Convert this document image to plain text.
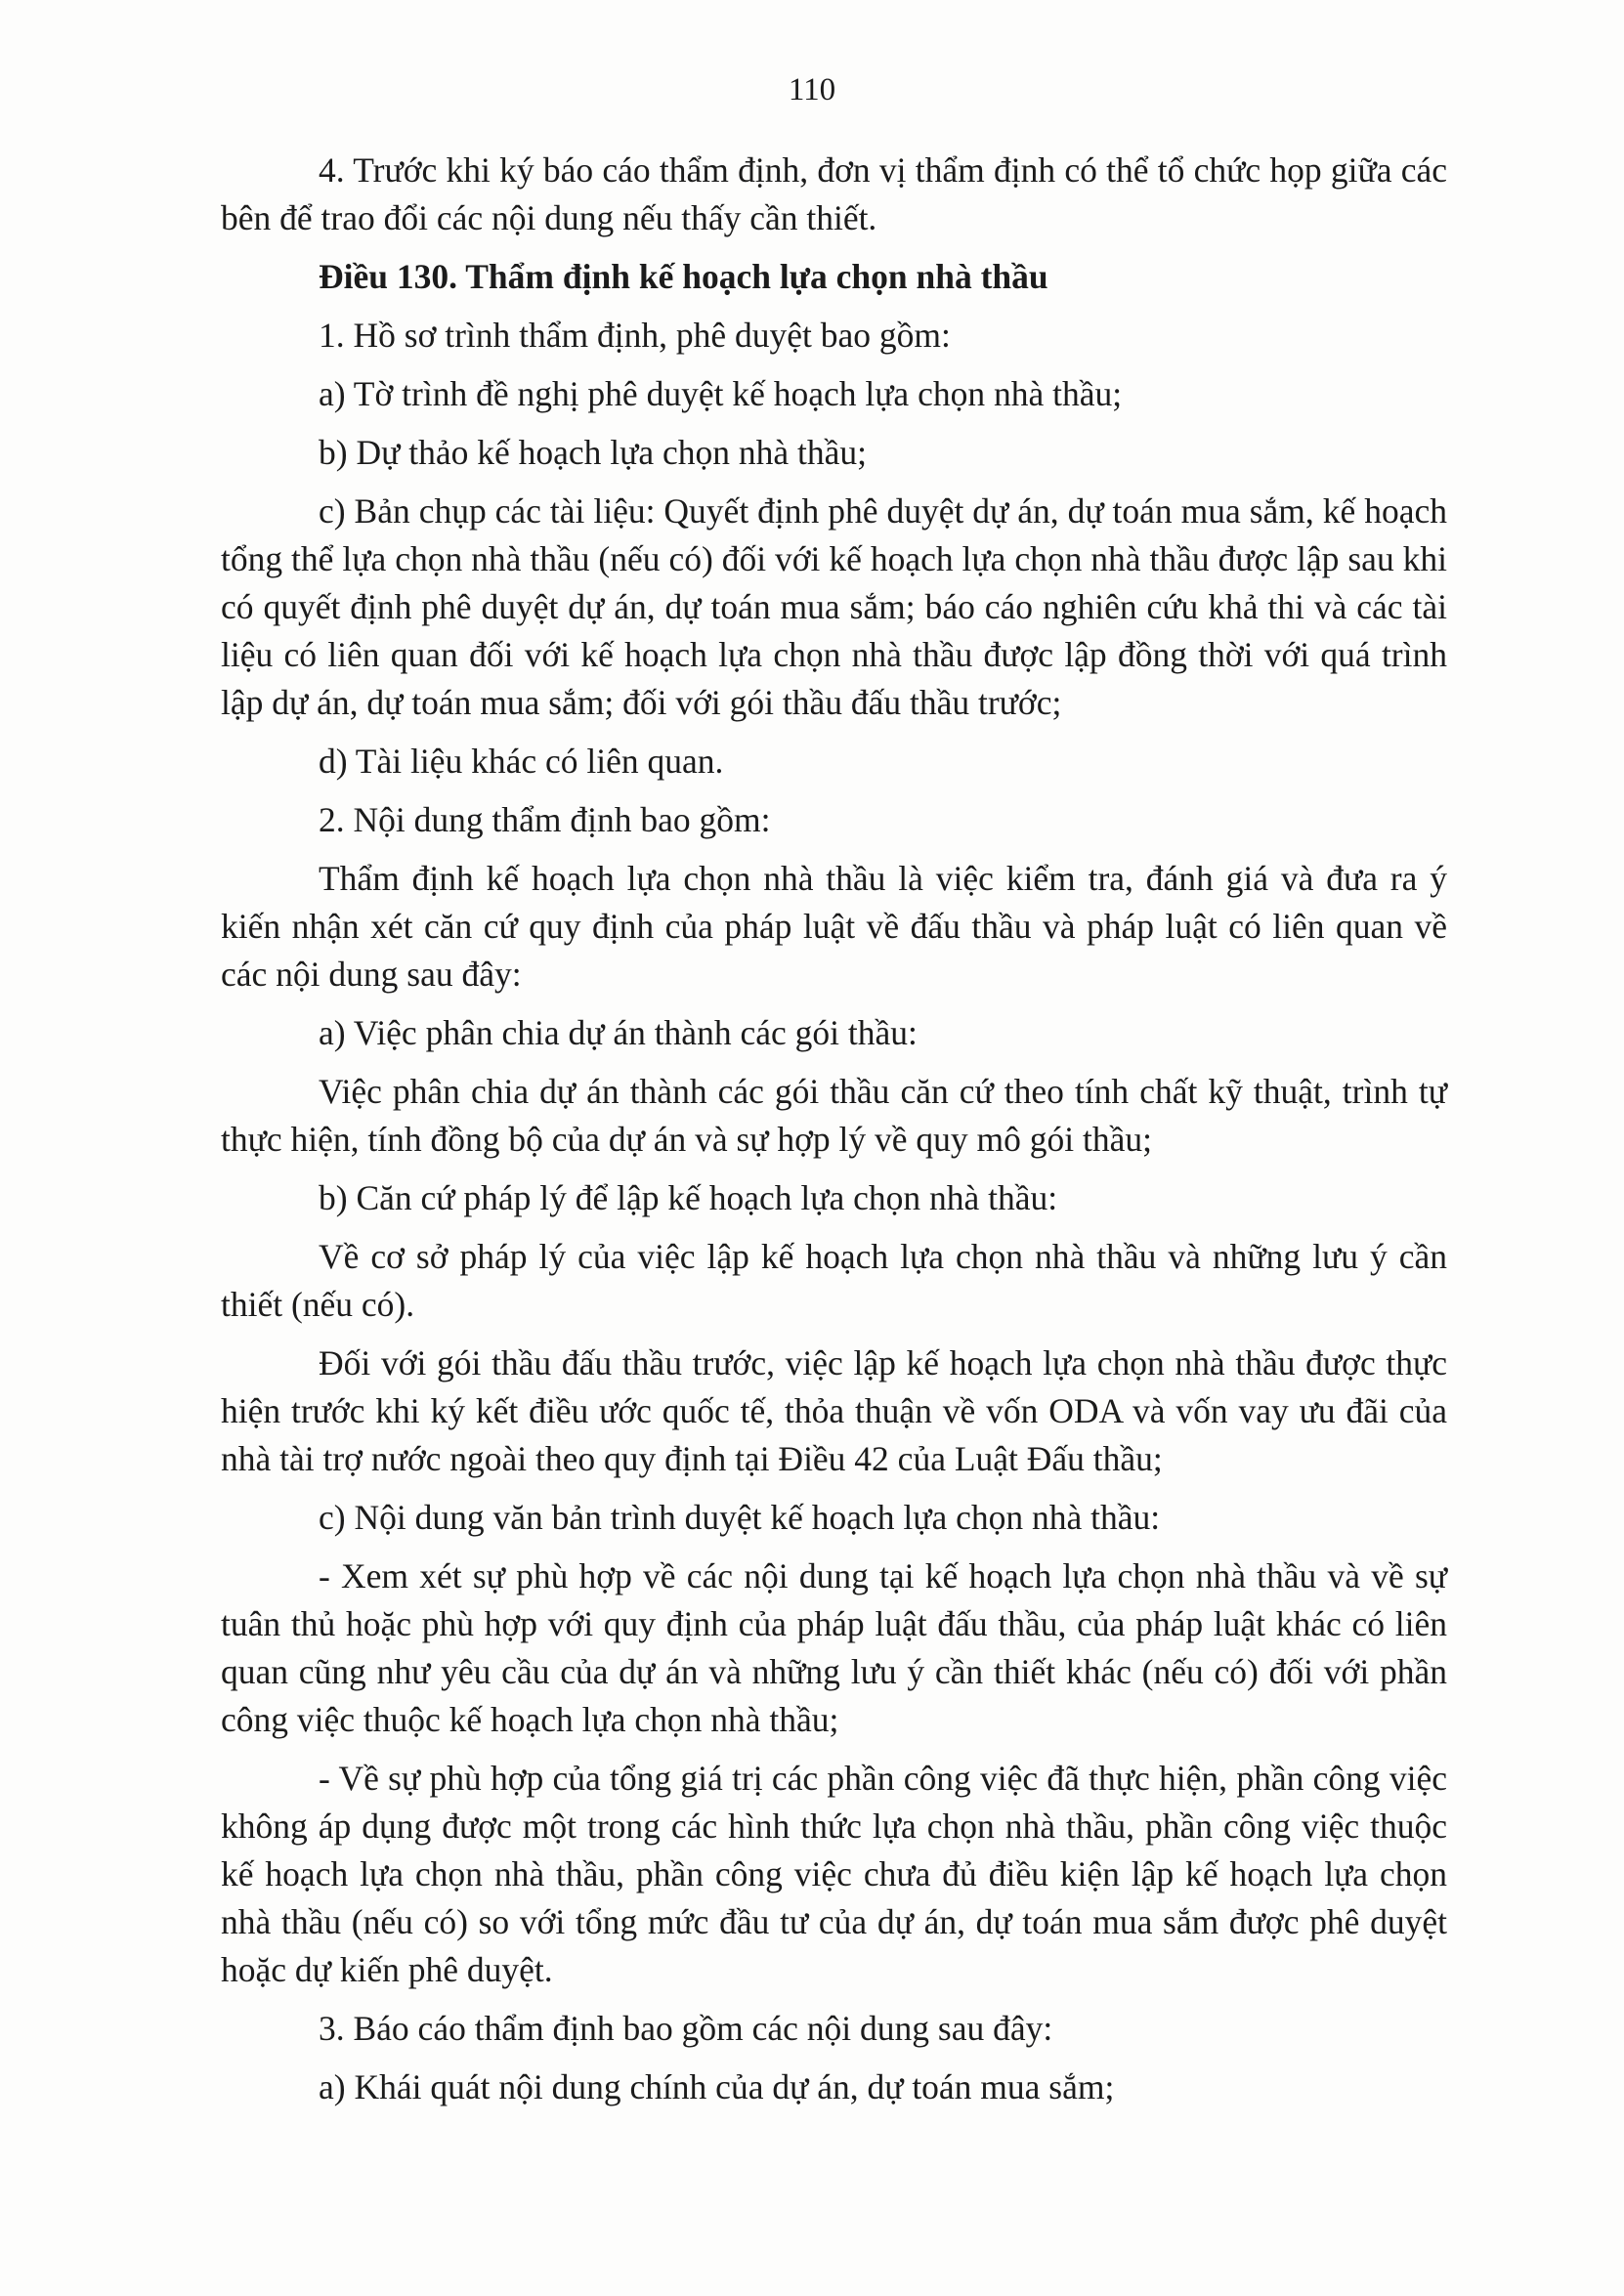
110

4. Trước khi ký báo cáo thẩm định, đơn vị thẩm định có thể tổ chức họp giữa các bên để trao đổi các nội dung nếu thấy cần thiết.

Điều 130. Thẩm định kế hoạch lựa chọn nhà thầu

1. Hồ sơ trình thẩm định, phê duyệt bao gồm:

a) Tờ trình đề nghị phê duyệt kế hoạch lựa chọn nhà thầu;

b) Dự thảo kế hoạch lựa chọn nhà thầu;

c) Bản chụp các tài liệu: Quyết định phê duyệt dự án, dự toán mua sắm, kế hoạch tổng thể lựa chọn nhà thầu (nếu có) đối với kế hoạch lựa chọn nhà thầu được lập sau khi có quyết định phê duyệt dự án, dự toán mua sắm; báo cáo nghiên cứu khả thi và các tài liệu có liên quan đối với kế hoạch lựa chọn nhà thầu được lập đồng thời với quá trình lập dự án, dự toán mua sắm; đối với gói thầu đấu thầu trước;

d) Tài liệu khác có liên quan.

2. Nội dung thẩm định bao gồm:

Thẩm định kế hoạch lựa chọn nhà thầu là việc kiểm tra, đánh giá và đưa ra ý kiến nhận xét căn cứ quy định của pháp luật về đấu thầu và pháp luật có liên quan về các nội dung sau đây:

a) Việc phân chia dự án thành các gói thầu:

Việc phân chia dự án thành các gói thầu căn cứ theo tính chất kỹ thuật, trình tự thực hiện, tính đồng bộ của dự án và sự hợp lý về quy mô gói thầu;

b) Căn cứ pháp lý để lập kế hoạch lựa chọn nhà thầu:

Về cơ sở pháp lý của việc lập kế hoạch lựa chọn nhà thầu và những lưu ý cần thiết (nếu có).

Đối với gói thầu đấu thầu trước, việc lập kế hoạch lựa chọn nhà thầu được thực hiện trước khi ký kết điều ước quốc tế, thỏa thuận về vốn ODA và vốn vay ưu đãi của nhà tài trợ nước ngoài theo quy định tại Điều 42 của Luật Đấu thầu;

c) Nội dung văn bản trình duyệt kế hoạch lựa chọn nhà thầu:

- Xem xét sự phù hợp về các nội dung tại kế hoạch lựa chọn nhà thầu và về sự tuân thủ hoặc phù hợp với quy định của pháp luật đấu thầu, của pháp luật khác có liên quan cũng như yêu cầu của dự án và những lưu ý cần thiết khác (nếu có) đối với phần công việc thuộc kế hoạch lựa chọn nhà thầu;

- Về sự phù hợp của tổng giá trị các phần công việc đã thực hiện, phần công việc không áp dụng được một trong các hình thức lựa chọn nhà thầu, phần công việc thuộc kế hoạch lựa chọn nhà thầu, phần công việc chưa đủ điều kiện lập kế hoạch lựa chọn nhà thầu (nếu có) so với tổng mức đầu tư của dự án, dự toán mua sắm được phê duyệt hoặc dự kiến phê duyệt.

3. Báo cáo thẩm định bao gồm các nội dung sau đây:

a) Khái quát nội dung chính của dự án, dự toán mua sắm;
